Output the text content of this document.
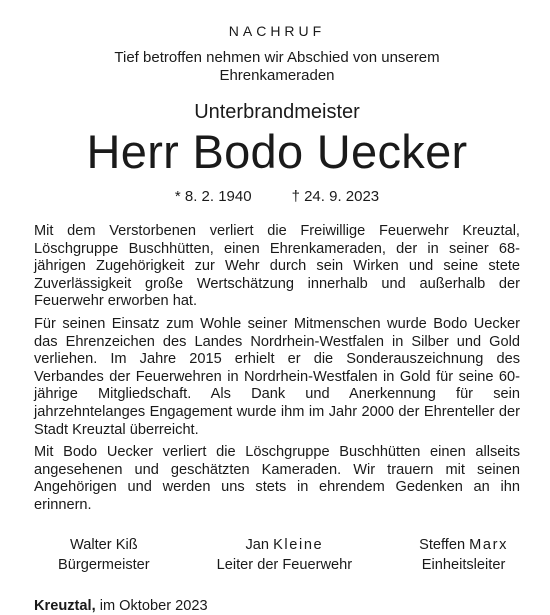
NACHRUF

Tief betroffen nehmen wir Abschied von unserem
Ehrenkameraden

Unterbrandmeister

Herr Bodo Uecker

* 8. 2. 1940	† 24. 9. 2023

Mit dem Verstorbenen verliert die Freiwillige Feuerwehr Kreuztal, Löschgruppe Buschhütten, einen Ehrenkameraden, der in seiner 68-jährigen Zugehörigkeit zur Wehr durch sein Wirken und seine stete Zuverlässigkeit große Wertschätzung innerhalb und außerhalb der Feuerwehr erworben hat.

Für seinen Einsatz zum Wohle seiner Mitmenschen wurde Bodo Uecker das Ehrenzeichen des Landes Nordrhein-Westfalen in Silber und Gold verliehen. Im Jahre 2015 erhielt er die Sonderauszeichnung des Verbandes der Feuerwehren in Nordrhein-Westfalen in Gold für seine 60-jährige Mitgliedschaft. Als Dank und Anerkennung für sein jahrzehntelanges Engagement wurde ihm im Jahr 2000 der Ehrenteller der Stadt Kreuztal überreicht.

Mit Bodo Uecker verliert die Löschgruppe Buschhütten einen allseits angesehenen und geschätzten Kameraden. Wir trauern mit seinen Angehörigen und werden uns stets in ehrendem Gedenken an ihn erinnern.

Walter Kiß
Bürgermeister
Jan Kleine
Leiter der Feuerwehr
Steffen Marx
Einheitsleiter

Kreuztal, im Oktober 2023
